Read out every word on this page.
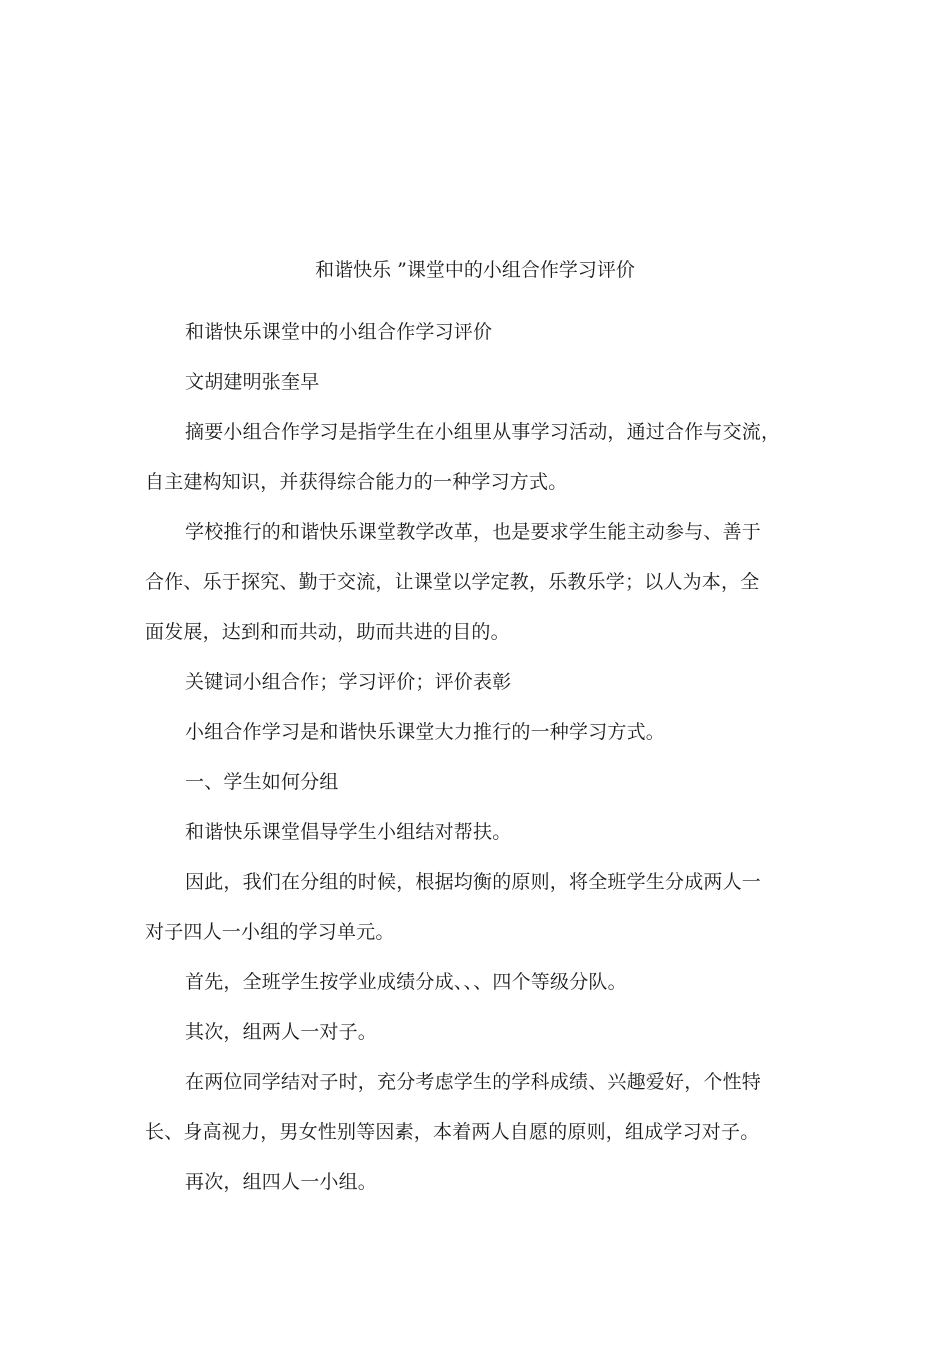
和谐快乐 ”课堂中的小组合作学习评价
和谐快乐课堂中的小组合作学习评价
文胡建明张奎早
摘要小组合作学习是指学生在小组里从事学习活动，通过合作与交流，
自主建构知识，并获得综合能力的一种学习方式。
学校推行的和谐快乐课堂教学改革，也是要求学生能主动参与、善于
合作、乐于探究、勤于交流，让课堂以学定教，乐教乐学；以人为本，全
面发展，达到和而共动，助而共进的目的。
关键词小组合作；学习评价；评价表彰
小组合作学习是和谐快乐课堂大力推行的一种学习方式。
一、学生如何分组
和谐快乐课堂倡导学生小组结对帮扶。
因此，我们在分组的时候，根据均衡的原则，将全班学生分成两人一
对子四人一小组的学习单元。
首先，全班学生按学业成绩分成、、、四个等级分队。
其次，组两人一对子。
在两位同学结对子时，充分考虑学生的学科成绩、兴趣爱好，个性特
长、身高视力，男女性别等因素，本着两人自愿的原则，组成学习对子。
再次，组四人一小组。
